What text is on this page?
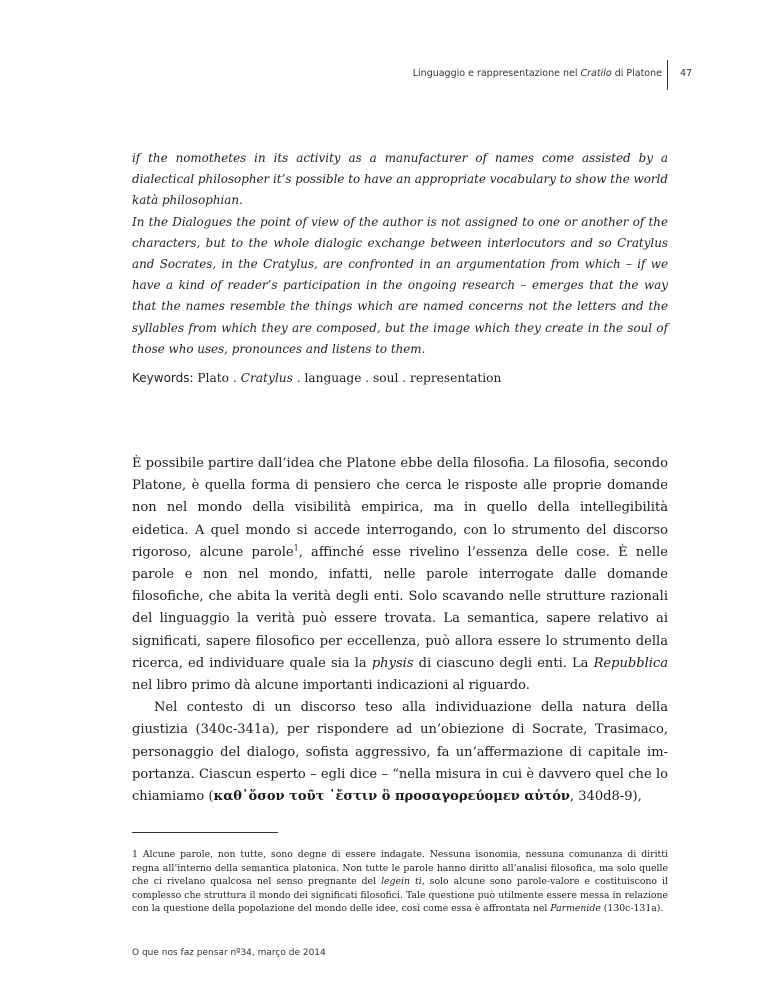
Linguaggio e rappresentazione nel Cratilo di Platone 47

if the nomothetes in its activity as a manufacturer of names come assisted by a dialectical philosopher it’s possible to have an appropriate vocabulary to show the world katà philosophian.

In the Dialogues the point of view of the author is not assigned to one or another of the characters, but to the whole dialogic exchange between interlocutors and so Cratylus and Socrates, in the Cratylus, are confronted in an argumentation from which – if we have a kind of reader’s participation in the ongoing research – emerges that the way that the names resemble the things which are named concerns not the letters and the syllables from which they are composed, but the image which they create in the soul of those who uses, pronounces and listens to them.

Keywords: Plato . Cratylus . language . soul . representation

È possibile partire dall’idea che Platone ebbe della filosofia. La filosofia, secondo Platone, è quella forma di pensiero che cerca le risposte alle proprie domande non nel mondo della visibilità empirica, ma in quello della intellegibilità eidetica. A quel mondo si accede interrogando, con lo strumento del discorso rigoroso, alcune parole$^1$, affinché esse rivelino l’essenza delle cose. È nelle parole e non nel mondo, infatti, nelle parole interrogate dalle domande filosofiche, che abita la verità degli enti. Solo scavando nelle strutture razionali del linguaggio la verità può essere trovata. La semantica, sapere relativo ai significati, sapere filosofico per eccellenza, può allora essere lo strumento della ricerca, ed individuare quale sia la physis di ciascuno degli enti. La Repubblica nel libro primo dà alcune importanti indicazioni al riguardo.

Nel contesto di un discorso teso alla individuazione della natura della giustizia (340c-341a), per rispondere ad un’obiezione di Socrate, Trasimaco, personaggio del dialogo, sofista aggressivo, fa un’affermazione di capitale importanza. Ciascun esperto – egli dice – “nella misura in cui è davvero quel che lo chiamiamo (καθ᾽ὅσον τοῦτ ᾽ἔστιν ὃ προσαγορεύομεν αὐτόν, 340d8-9),

1 Alcune parole, non tutte, sono degne di essere indagate. Nessuna isonomia, nessuna comunanza di diritti regna all’interno della semantica platonica. Non tutte le parole hanno diritto all’analisi filosofica, ma solo quelle che ci rivelano qualcosa nel senso pregnante del legein ti, solo alcune sono parole-valore e costituiscono il complesso che struttura il mondo dei significati filosofici. Tale questione può utilmente essere messa in relazione con la questione della popolazione del mondo delle idee, così come essa è affrontata nel Parmenide (130c-131a).
O que nos faz pensar nº34, março de 2014
